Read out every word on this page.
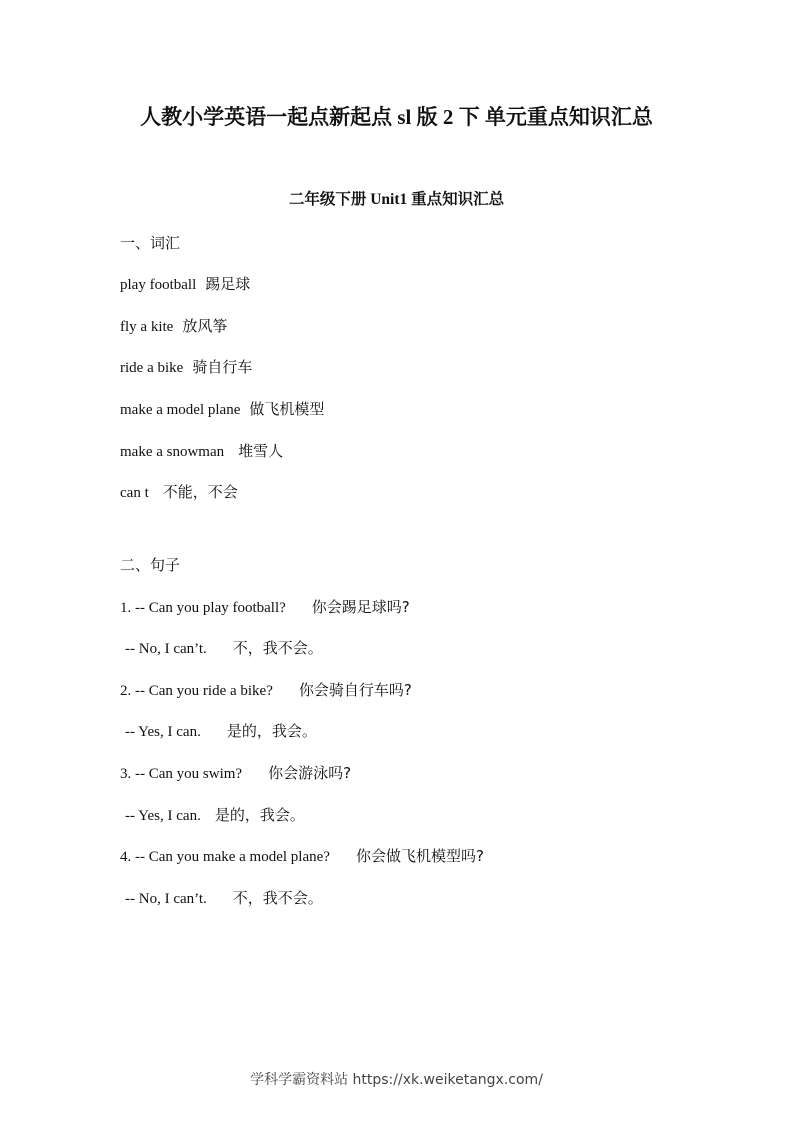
人教小学英语一起点新起点 sl 版 2 下 单元重点知识汇总
二年级下册 Unit1 重点知识汇总
一、词汇
play football 踢足球
fly a kite 放风筝
ride a bike 骑自行车
make a model plane 做飞机模型
make a snowman 堆雪人
can t 不能，不会
二、句子
1. -- Can you play football? 你会踢足球吗?
-- No, I can’t. 不，我不会。
2. -- Can you ride a bike? 你会骑自行车吗?
-- Yes, I can. 是的，我会。
3. -- Can you swim? 你会游泳吗?
-- Yes, I can. 是的，我会。
4. -- Can you make a model plane? 你会做飞机模型吗?
-- No, I can’t. 不，我不会。
学科学霸资料站 https://xk.weiketangx.com/
